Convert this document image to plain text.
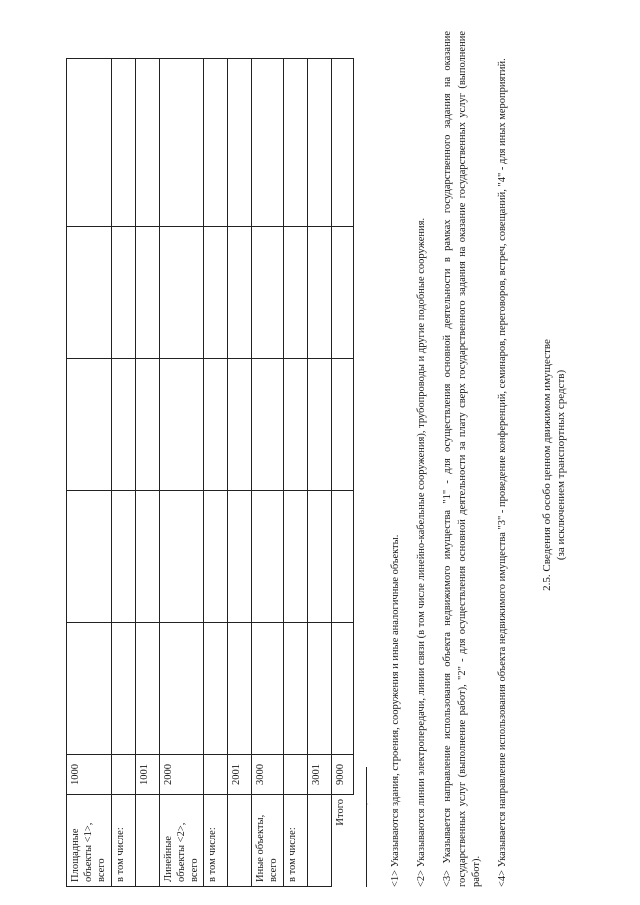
Площадные объекты <1>, всего	1000					
в том числе:						
	1001					
Линейные объекты <2>, всего	2000					
в том числе:						
	2001					
Иные объекты, всего	3000					
в том числе:						
	3001					
Итого	9000					
, <1> Указываются здания, строения, сооружения и иные аналогичные объекты. <2> Указываются линии электропередачи, линии связи (в том числе линейно-кабельные сооружения), трубопроводы и другие подобные сооружения. <3> Указывается направление использования объекта недвижимого имущества "1" - для осуществления основной деятельности в рамках государственного задания на оказание государственных услуг (выполнение работ), "2" - для осуществления основной деятельности за плату сверх государственного задания на оказание государственных услуг (выполнение работ). <4> Указывается направление использования объекта недвижимого имущества "3" - проведение конференций, семинаров, переговоров, встреч, совещаний, "4" - для иных мероприятий.	2.5. Сведения об особо ценном движимом имуществе (за исключением транспортных средств)
